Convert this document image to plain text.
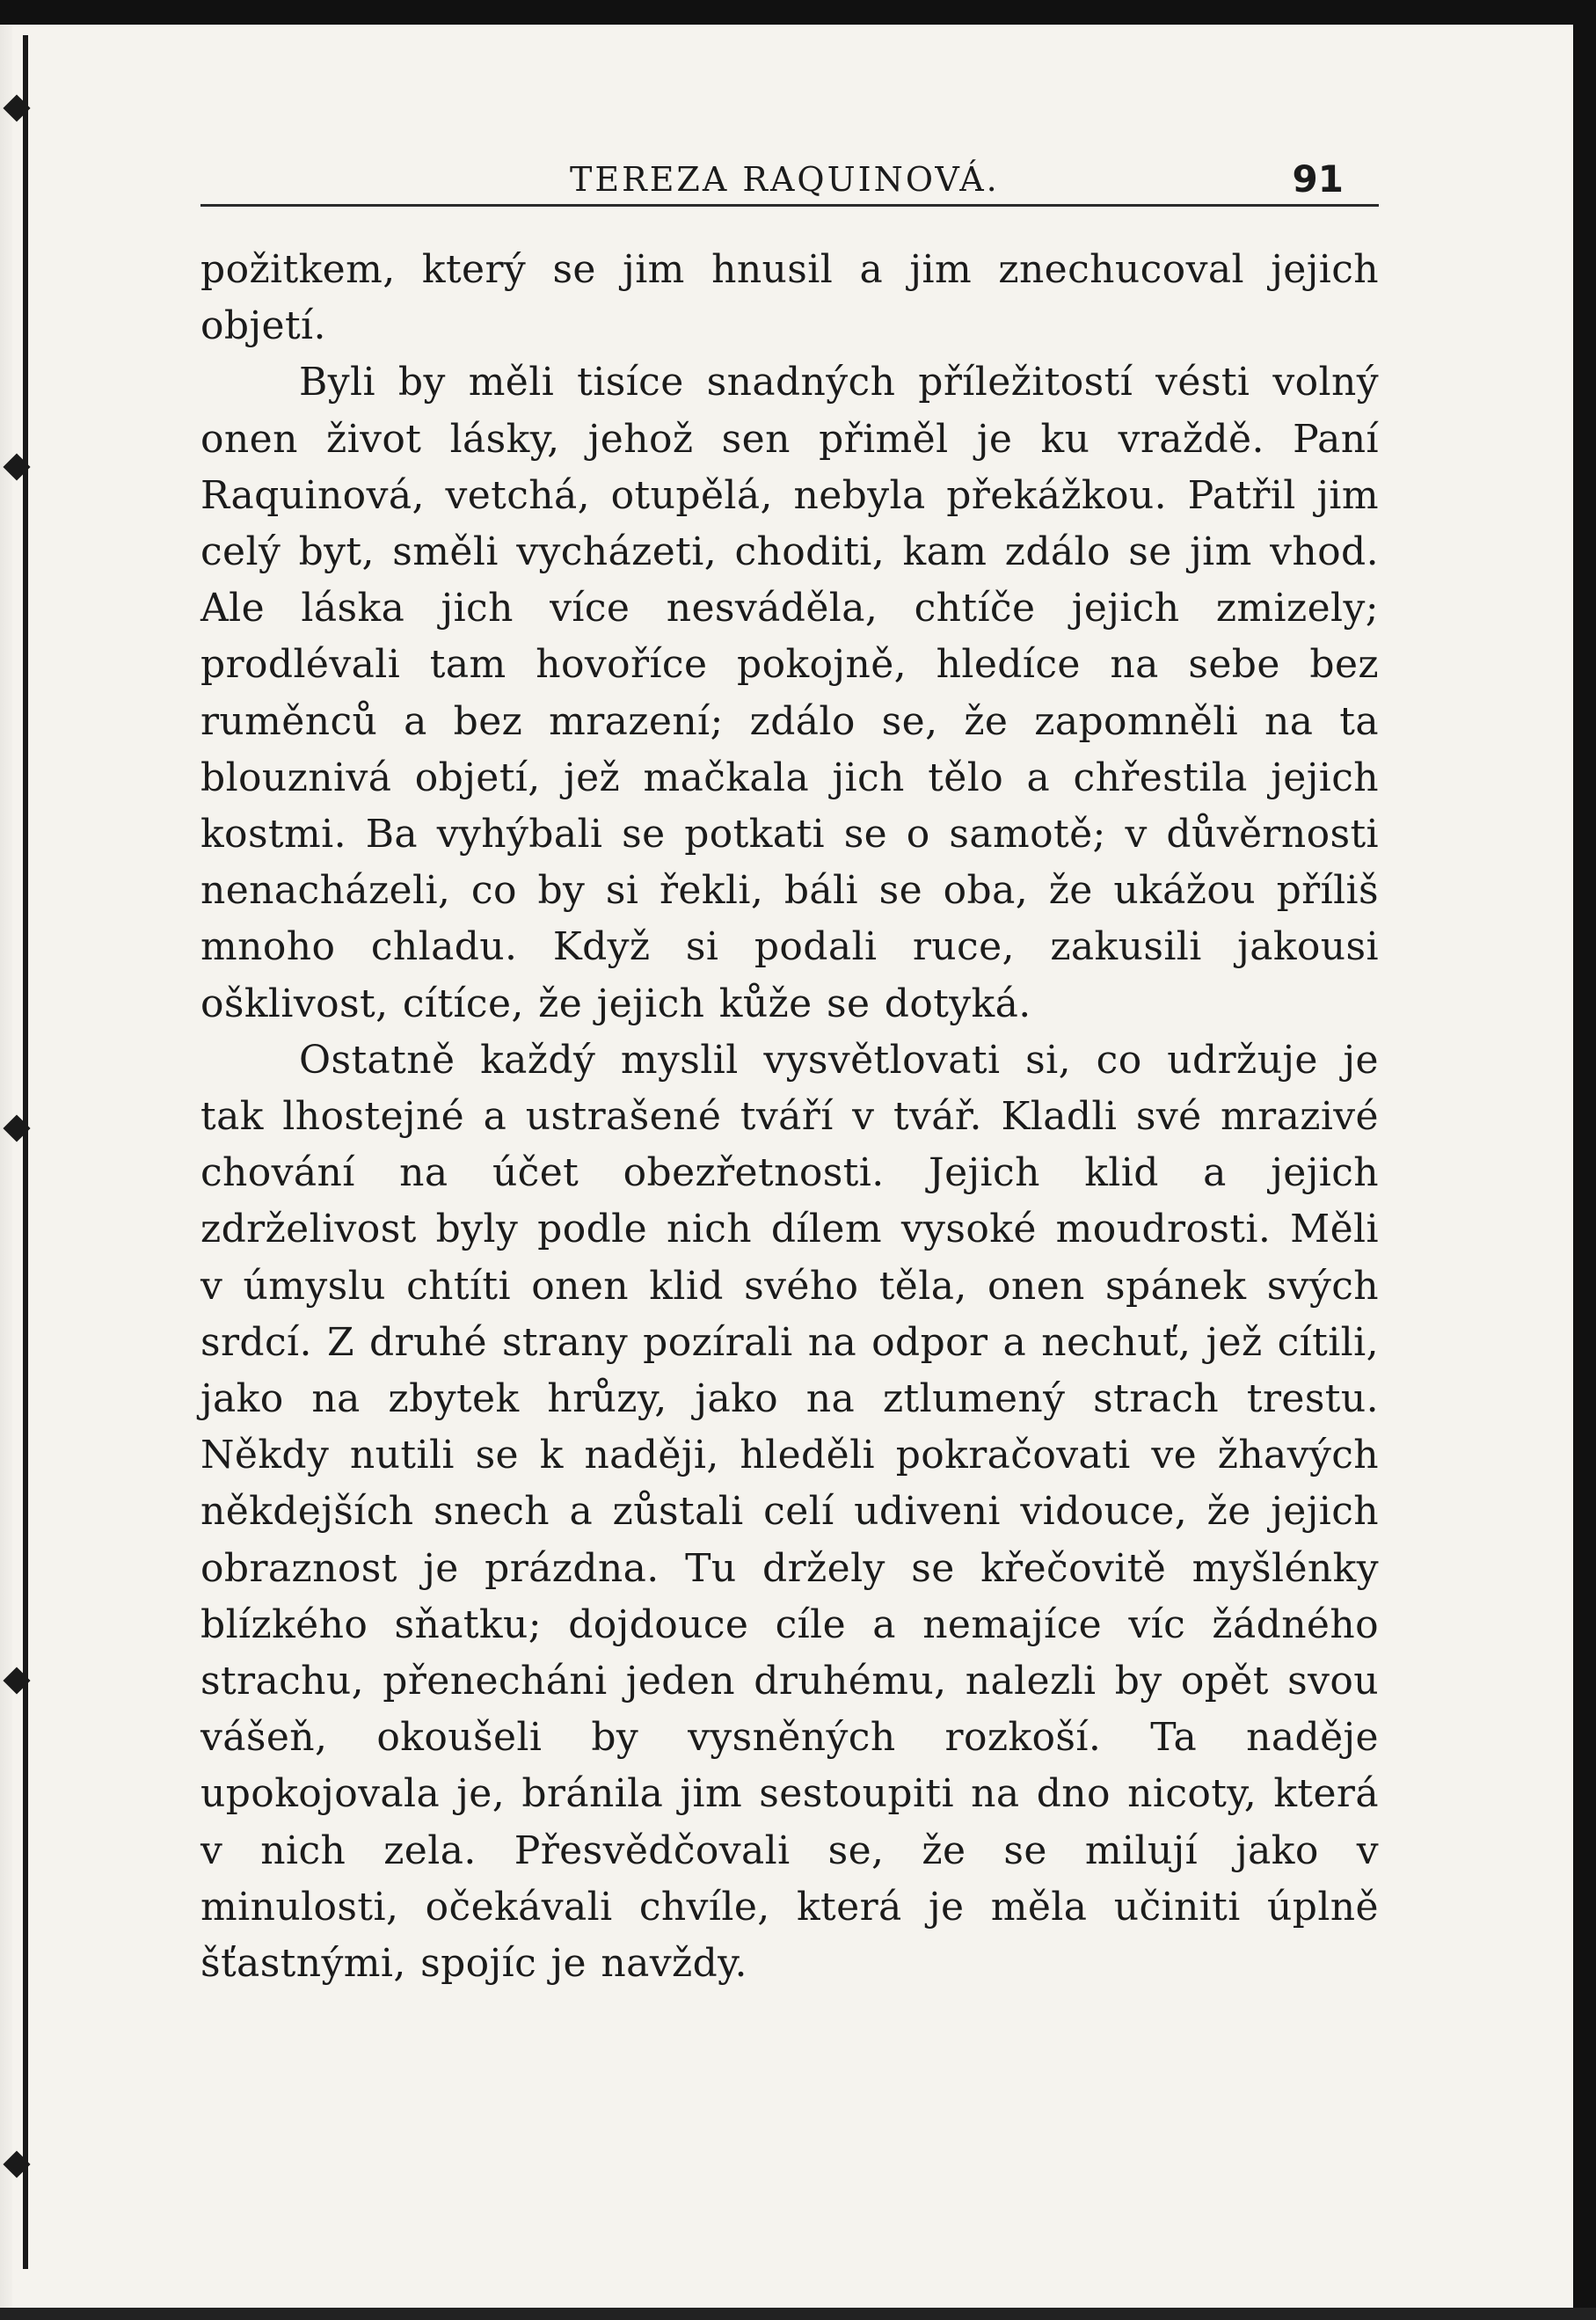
TEREZA RAQUINOVÁ.	91

požitkem, který se jim hnusil a jim znechucoval jejich objetí.

Byli by měli tisíce snadných příležitostí vésti volný onen život lásky, jehož sen přiměl je ku vraždě. Paní Raquinová, vetchá, otupělá, nebyla překážkou. Patřil jim celý byt, směli vycházeti, choditi, kam zdálo se jim vhod. Ale láska jich více nesváděla, chtíče jejich zmizely; prodlévali tam hovoříce pokojně, hledíce na sebe bez ruměnců a bez mrazení; zdálo se, že zapomněli na ta blouznivá objetí, jež mačkala jich tělo a chřestila jejich kostmi. Ba vyhýbali se potkati se o samotě; v důvěrnosti nenacházeli, co by si řekli, báli se oba, že ukážou příliš mnoho chladu. Když si podali ruce, zakusili jakousi ošklivost, cítíce, že jejich kůže se dotyká.

Ostatně každý myslil vysvětlovati si, co udržuje je tak lhostejné a ustrašené tváří v tvář. Kladli své mrazivé chování na účet obezřetnosti. Jejich klid a jejich zdrželivost byly podle nich dílem vysoké moudrosti. Měli v úmyslu chtíti onen klid svého těla, onen spánek svých srdcí. Z druhé strany pozírali na odpor a nechuť, jež cítili, jako na zbytek hrůzy, jako na ztlumený strach trestu. Někdy nutili se k naději, hleděli pokračovati ve žhavých někdejších snech a zůstali celí udiveni vidouce, že jejich obraznost je prázdna. Tu držely se křečovitě myšlénky blízkého sňatku; dojdouce cíle a nemajíce víc žádného strachu, přenecháni jeden druhému, nalezli by opět svou vášeň, okoušeli by vysněných rozkoší. Ta naděje upokojovala je, bránila jim sestoupiti na dno nicoty, která v nich zela. Přesvědčovali se, že se milují jako v minulosti, očekávali chvíle, která je měla učiniti úplně šťastnými, spojíc je navždy.
